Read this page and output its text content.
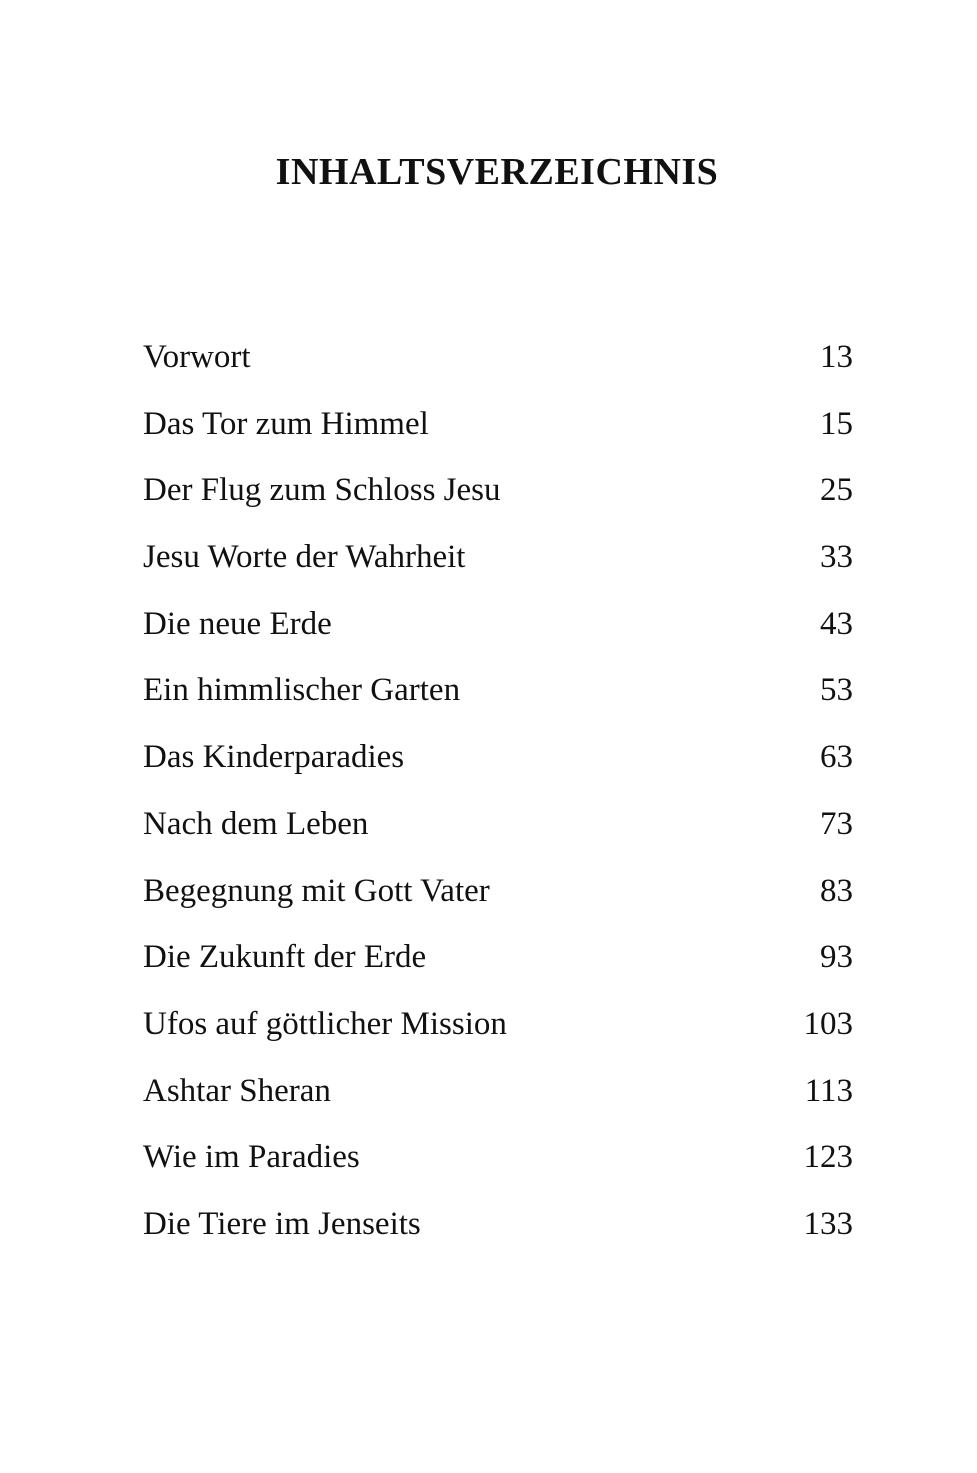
INHALTSVERZEICHNIS
Vorwort	13
Das Tor zum Himmel	15
Der Flug zum Schloss Jesu	25
Jesu Worte der Wahrheit	33
Die neue Erde	43
Ein himmlischer Garten	53
Das Kinderparadies	63
Nach dem Leben	73
Begegnung mit Gott Vater	83
Die Zukunft der Erde	93
Ufos auf göttlicher Mission	103
Ashtar Sheran	113
Wie im Paradies	123
Die Tiere im Jenseits	133
